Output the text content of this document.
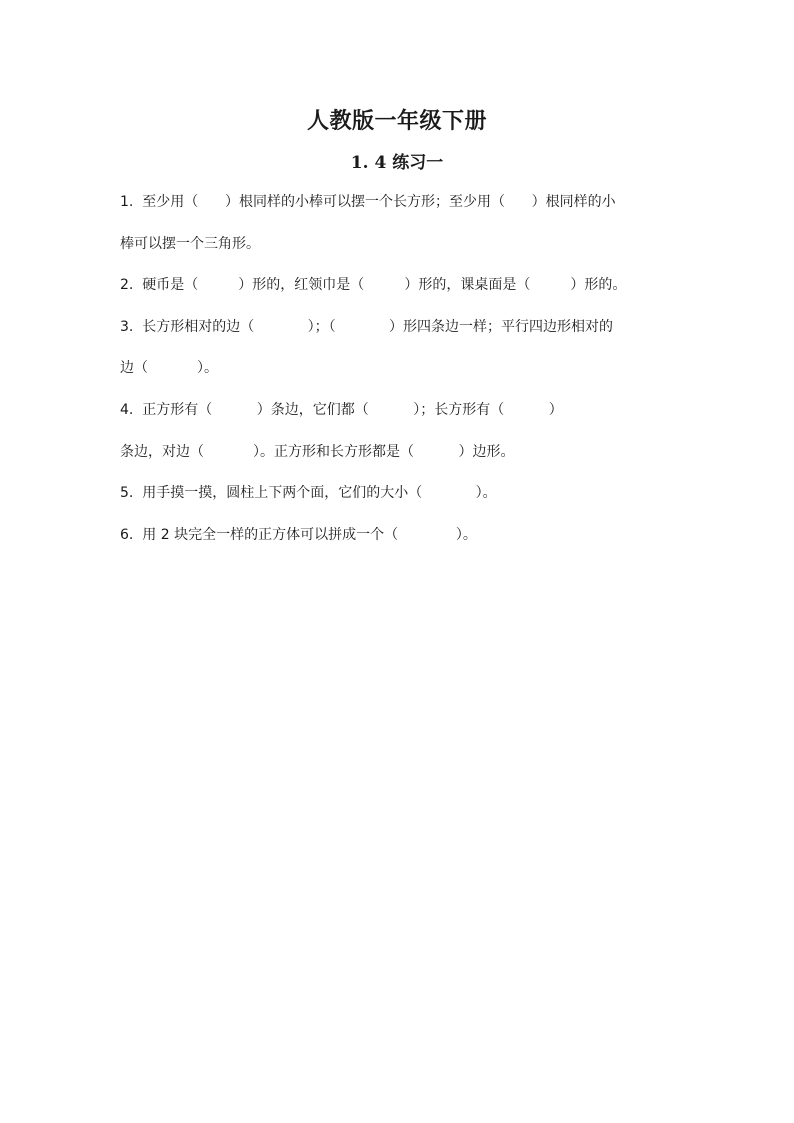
人教版一年级下册
1. 4 练习一
1.  至少用（      ）根同样的小棒可以摆一个长方形；至少用（      ）根同样的小
棒可以摆一个三角形。
2.  硬币是（         ）形的，红领巾是（         ）形的，课桌面是（         ）形的。
3.  长方形相对的边（            ）；（            ）形四条边一样；平行四边形相对的
边（           ）。
4.  正方形有（          ）条边，它们都（          ）；长方形有（          ）
条边，对边（           ）。正方形和长方形都是（          ）边形。
5.  用手摸一摸，圆柱上下两个面，它们的大小（            ）。
6.  用 2 块完全一样的正方体可以拼成一个（             ）。
